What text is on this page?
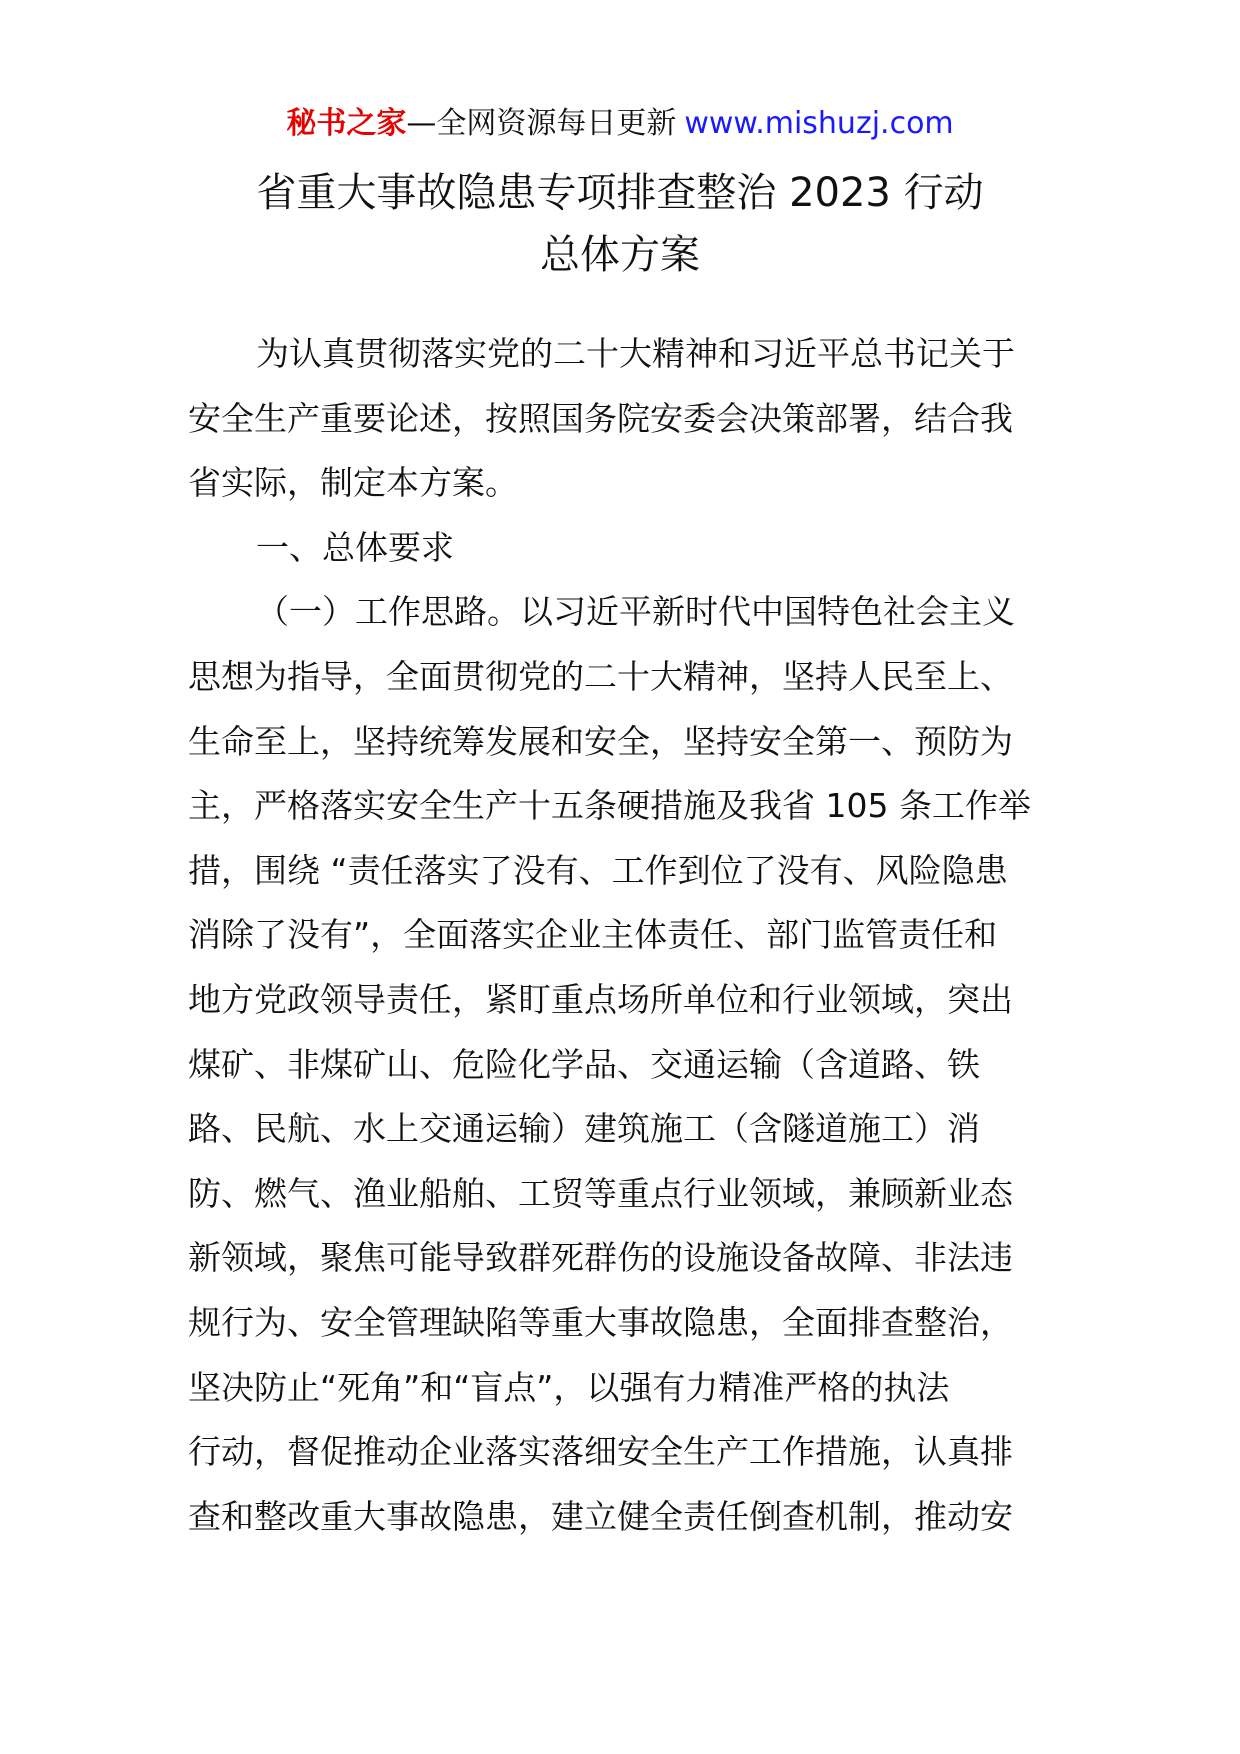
秘书之家—全网资源每日更新 www.mishuzj.com
省重大事故隐患专项排查整治 2023 行动
总体方案
为认真贯彻落实党的二十大精神和习近平总书记关于
安全生产重要论述，按照国务院安委会决策部署，结合我
省实际，制定本方案。
一、总体要求
（一）工作思路。以习近平新时代中国特色社会主义
思想为指导，全面贯彻党的二十大精神，坚持人民至上、
生命至上，坚持统筹发展和安全，坚持安全第一、预防为
主，严格落实安全生产十五条硬措施及我省 105 条工作举
措，围绕 “责任落实了没有、工作到位了没有、风险隐患
消除了没有”，全面落实企业主体责任、部门监管责任和
地方党政领导责任，紧盯重点场所单位和行业领域，突出
煤矿、非煤矿山、危险化学品、交通运输（含道路、铁
路、民航、水上交通运输）建筑施工（含隧道施工）消
防、燃气、渔业船舶、工贸等重点行业领域，兼顾新业态
新领域，聚焦可能导致群死群伤的设施设备故障、非法违
规行为、安全管理缺陷等重大事故隐患，全面排查整治，
坚决防止“死角”和“盲点”，以强有力精准严格的执法
行动，督促推动企业落实落细安全生产工作措施，认真排
查和整改重大事故隐患，建立健全责任倒查机制，推动安
